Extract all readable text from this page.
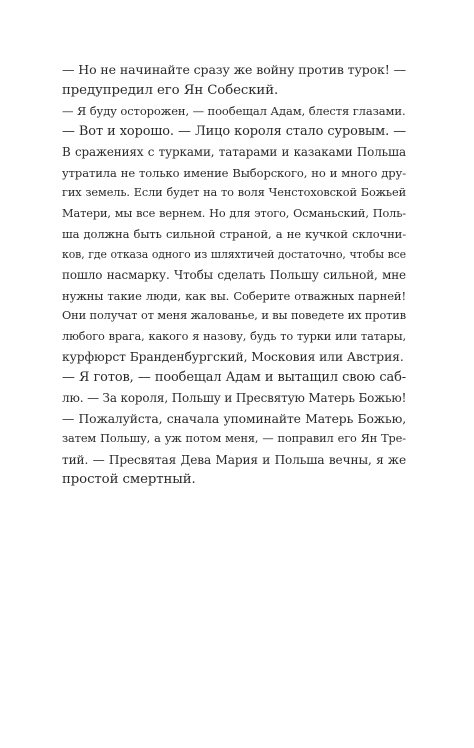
— Но не начинайте сразу же войну против турок! —
предупредил его Ян Собеский.
— Я буду осторожен, — пообещал Адам, блестя глазами.
— Вот и хорошо. — Лицо короля стало суровым. —
В сражениях с турками, татарами и казаками Польша
утратила не только имение Выборского, но и много дру-
гих земель. Если будет на то воля Ченстоховской Божьей
Матери, мы все вернем. Но для этого, Османьский, Поль-
ша должна быть сильной страной, а не кучкой склочни-
ков, где отказа одного из шляхтичей достаточно, чтобы все
пошло насмарку. Чтобы сделать Польшу сильной, мне
нужны такие люди, как вы. Соберите отважных парней!
Они получат от меня жалованье, и вы поведете их против
любого врага, какого я назову, будь то турки или татары,
курфюрст Бранденбургский, Московия или Австрия.
— Я готов, — пообещал Адам и вытащил свою саб-
лю. — За короля, Польшу и Пресвятую Матерь Божью!
— Пожалуйста, сначала упоминайте Матерь Божью,
затем Польшу, а уж потом меня, — поправил его Ян Тре-
тий. — Пресвятая Дева Мария и Польша вечны, я же
простой смертный.
